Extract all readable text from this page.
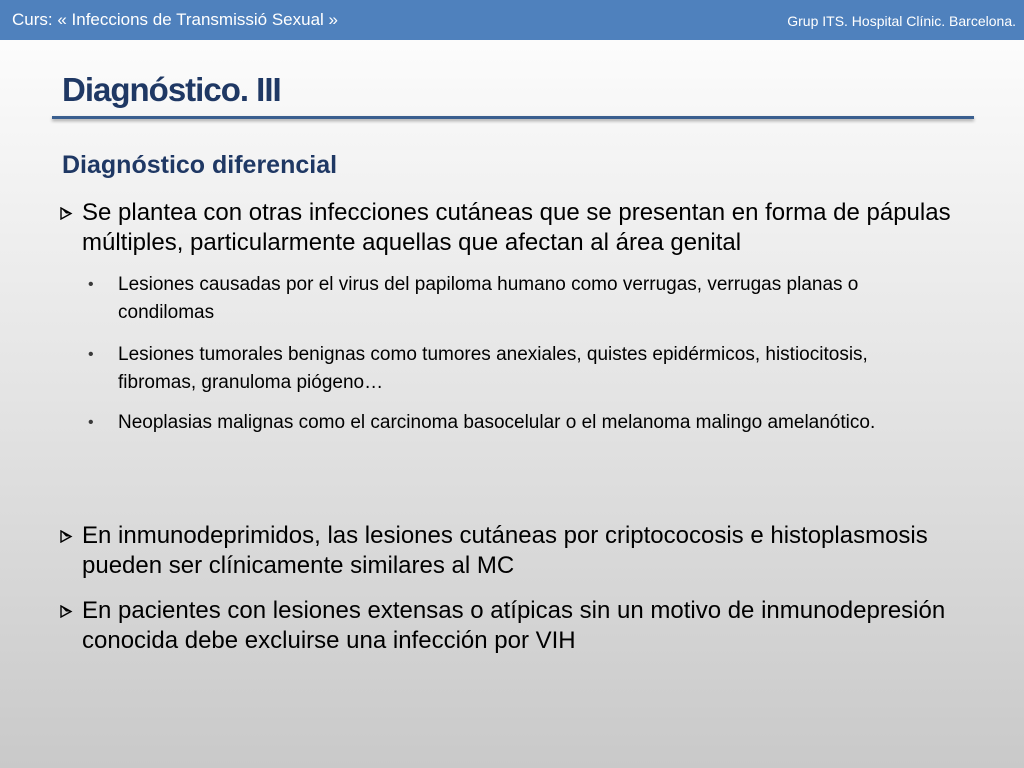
Curs: « Infeccions de Transmissió Sexual »	Grup ITS. Hospital Clínic. Barcelona.
Diagnóstico. III
Diagnóstico diferencial
Se plantea con otras infecciones cutáneas que se presentan en forma de pápulas múltiples, particularmente aquellas que afectan al área genital
• Lesiones causadas por el virus del papiloma humano como verrugas, verrugas planas o condilomas
• Lesiones tumorales benignas como tumores anexiales, quistes epidérmicos, histiocitosis, fibromas, granuloma piógeno…
• Neoplasias malignas como el carcinoma basocelular o el melanoma malingo amelanótico.
En inmunodeprimidos, las lesiones cutáneas por criptococosis e histoplasmosis pueden ser clínicamente similares al MC
En pacientes con lesiones extensas o atípicas sin un motivo de inmunodepresión conocida debe excluirse una infección por VIH
